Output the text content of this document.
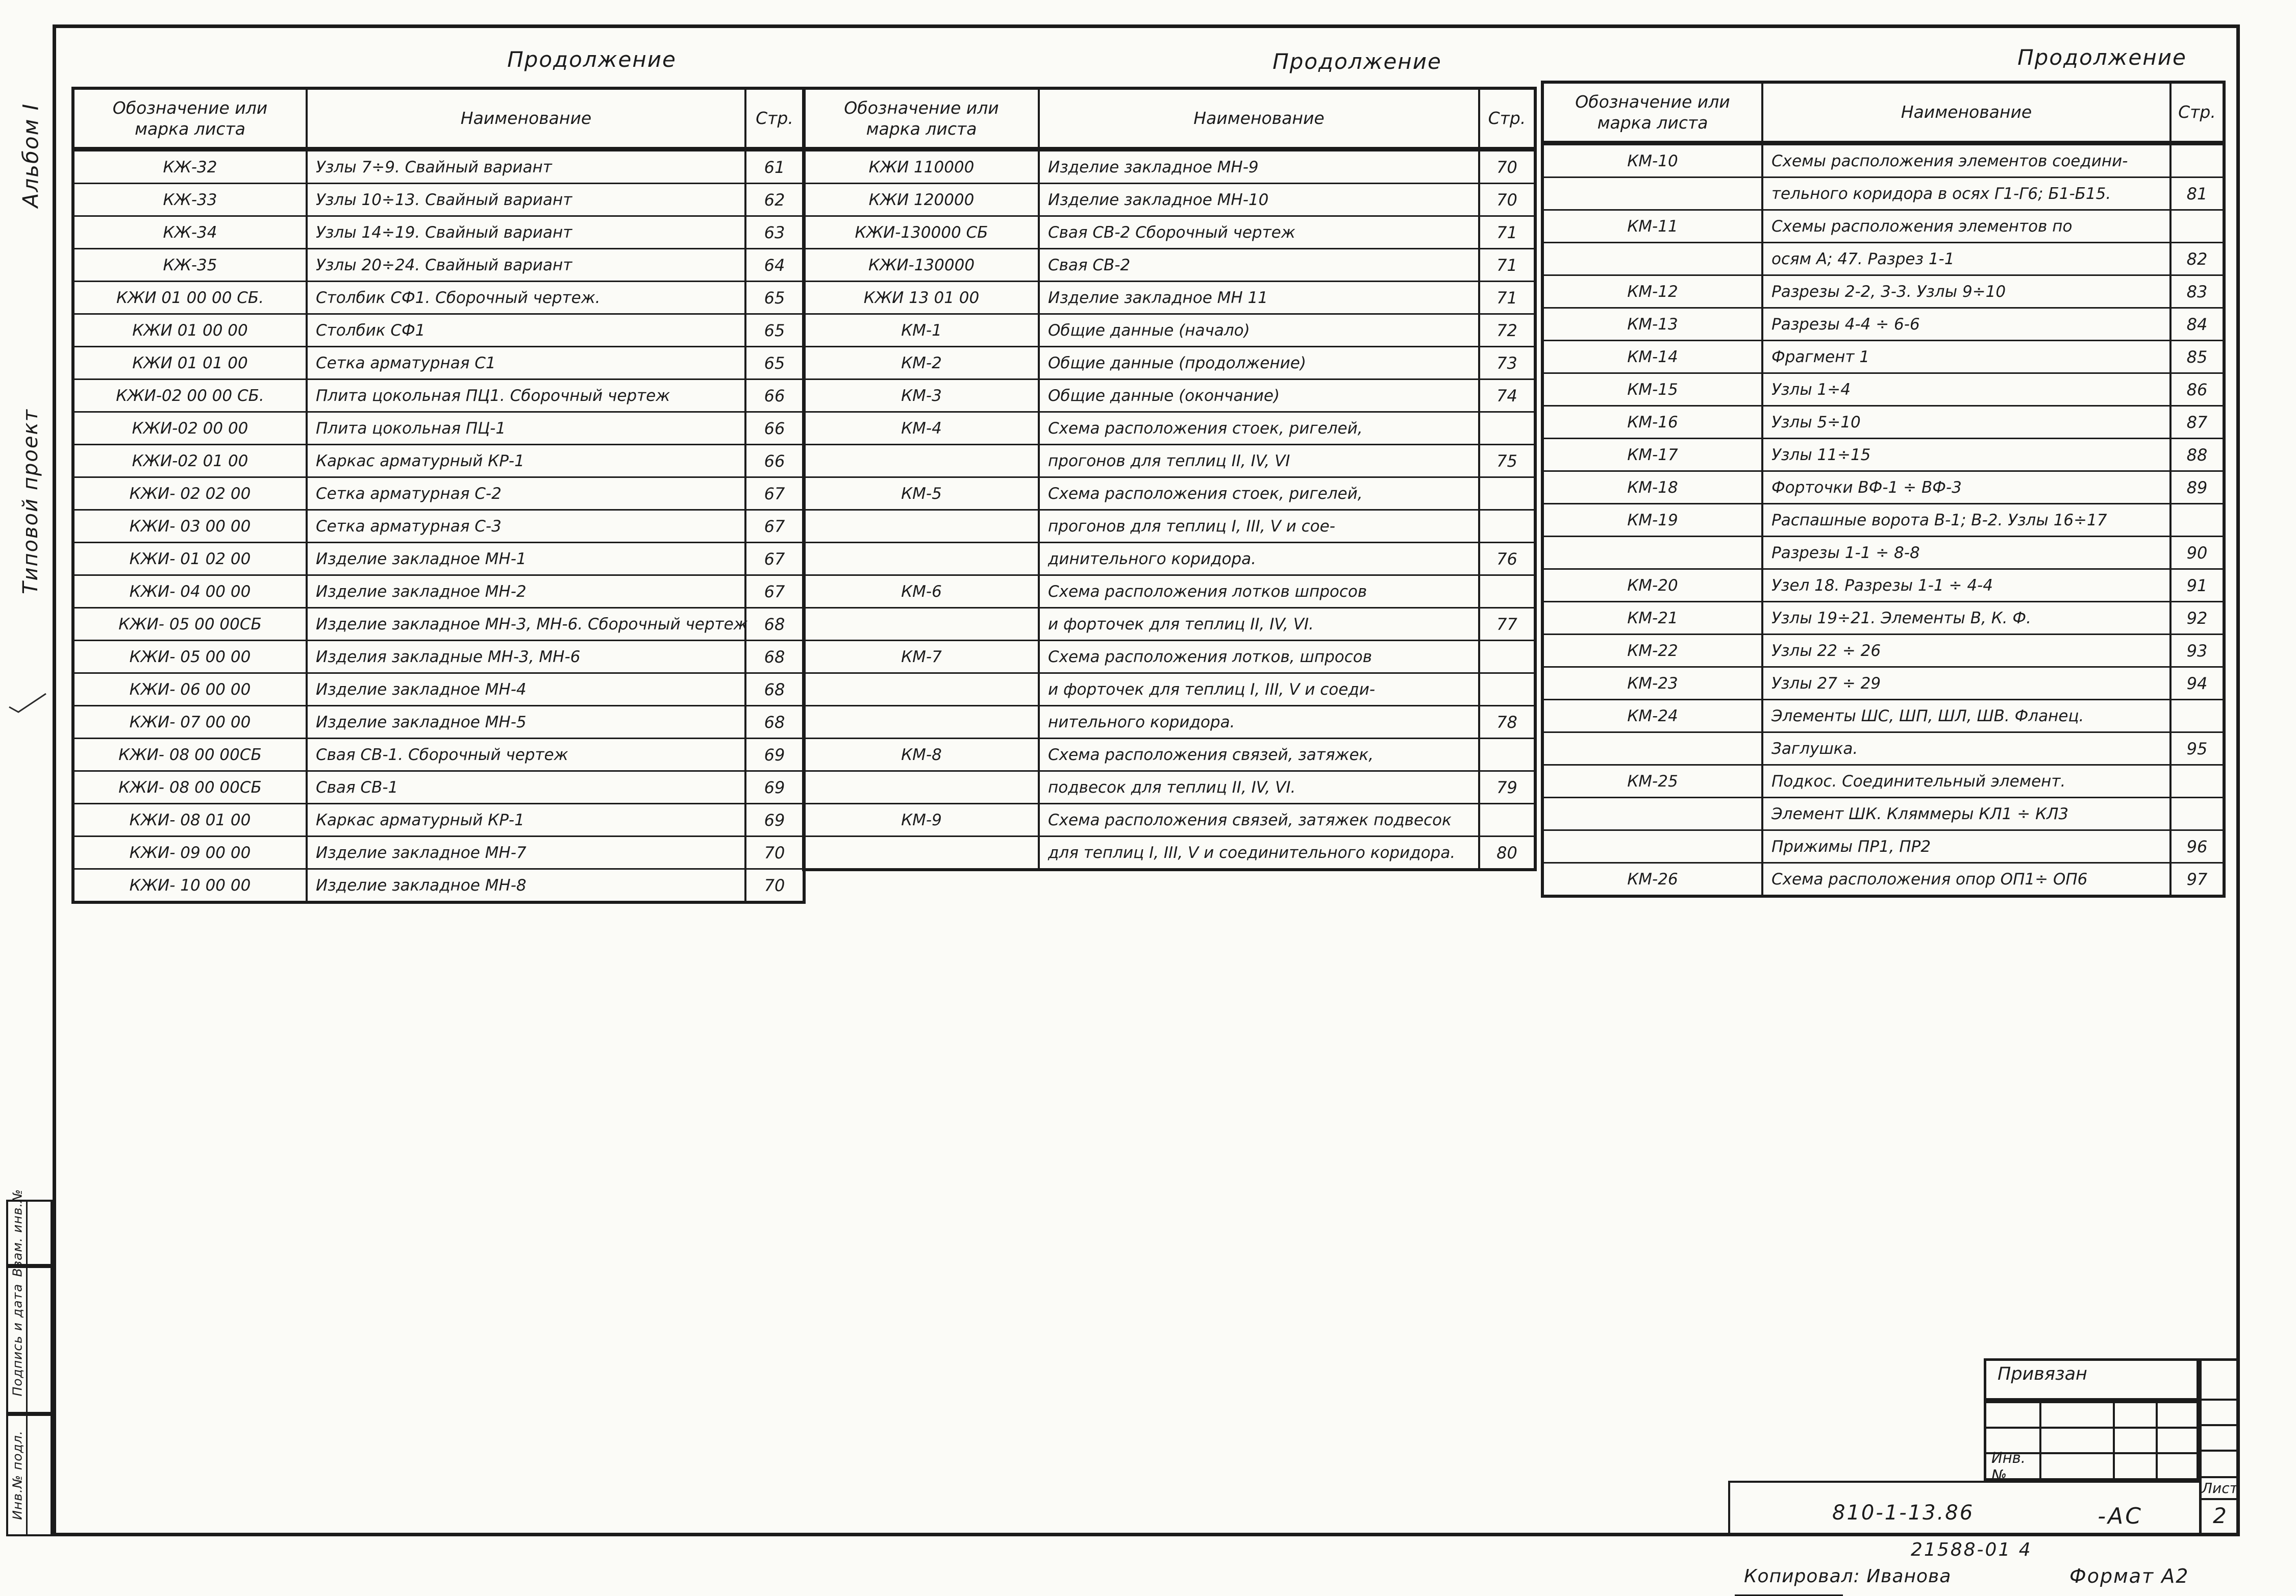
Альбом I
Типовой проект
Взам. инв.№
Подпись и дата
Инв.№ подл.
Продолжение	Продолжение	Продолжение
Обозначение или марка листа
Наименование	Стр.
КЖ-32	Узлы 7÷9. Свайный вариант	61
КЖ-33	Узлы 10÷13. Свайный вариант	62
КЖ-34	Узлы 14÷19. Свайный вариант	63
КЖ-35	Узлы 20÷24. Свайный вариант	64
КЖИ 01 00 00 СБ.	Столбик СФ1. Сборочный чертеж.	65
КЖИ 01 00 00	Столбик СФ1	65
КЖИ 01 01 00	Сетка арматурная С1	65
КЖИ-02 00 00 СБ.	Плита цокольная ПЦ1. Сборочный чертеж	66
КЖИ-02 00 00	Плита цокольная ПЦ-1	66
КЖИ-02 01 00	Каркас арматурный КР-1	66
КЖИ- 02 02 00	Сетка арматурная С-2	67
КЖИ- 03 00 00	Сетка арматурная С-3	67
КЖИ- 01 02 00	Изделие закладное МН-1	67
КЖИ- 04 00 00	Изделие закладное МН-2	67
КЖИ- 05 00 00СБ	Изделие закладное МН-3, МН-6. Сборочный чертеж	68
КЖИ- 05 00 00	Изделия закладные МН-3, МН-6	68
КЖИ- 06 00 00	Изделие закладное МН-4	68
КЖИ- 07 00 00	Изделие закладное МН-5	68
КЖИ- 08 00 00СБ	Свая СВ-1. Сборочный чертеж	69
КЖИ- 08 00 00СБ	Свая СВ-1	69
КЖИ- 08 01 00	Каркас арматурный КР-1	69
КЖИ- 09 00 00	Изделие закладное МН-7	70
КЖИ- 10 00 00	Изделие закладное МН-8	70
Обозначение или марка листа
Наименование	Стр.
КЖИ 110000	Изделие закладное МН-9	70
КЖИ 120000	Изделие закладное МН-10	70
КЖИ-130000 СБ	Свая СВ-2 Сборочный чертеж	71
КЖИ-130000	Свая СВ-2	71
КЖИ 13 01 00	Изделие закладное МН 11	71
КМ-1	Общие данные (начало)	72
КМ-2	Общие данные (продолжение)	73
КМ-3	Общие данные (окончание)	74
КМ-4	Схема расположения стоек, ригелей,
прогонов для теплиц II, IV, VI	75
КМ-5	Схема расположения стоек, ригелей,
прогонов для теплиц I, III, V и сое-
динительного коридора.	76
КМ-6	Схема расположения лотков шпросов
и форточек для теплиц II, IV, VI.	77
КМ-7	Схема расположения лотков, шпросов
и форточек для теплиц I, III, V и соеди-
нительного коридора.	78
КМ-8	Схема расположения связей, затяжек,
подвесок для теплиц II, IV, VI.	79
КМ-9	Схема расположения связей, затяжек подвесок
для теплиц I, III, V и соединительного коридора.	80
Обозначение или марка листа
Наименование	Стр.
КМ-10	Схемы расположения элементов соедини-
тельного коридора в осях Г1-Г6; Б1-Б15.	81
КМ-11	Схемы расположения элементов по
осям А; 47. Разрез 1-1	82
КМ-12	Разрезы 2-2, 3-3. Узлы 9÷10	83
КМ-13	Разрезы 4-4 ÷ 6-6	84
КМ-14	Фрагмент 1	85
КМ-15	Узлы 1÷4	86
КМ-16	Узлы 5÷10	87
КМ-17	Узлы 11÷15	88
КМ-18	Форточки ВФ-1 ÷ ВФ-3	89
КМ-19	Распашные ворота В-1; В-2. Узлы 16÷17
Разрезы 1-1 ÷ 8-8	90
КМ-20	Узел 18. Разрезы 1-1 ÷ 4-4	91
КМ-21	Узлы 19÷21. Элементы В, К. Ф.	92
КМ-22	Узлы 22 ÷ 26	93
КМ-23	Узлы 27 ÷ 29	94
КМ-24	Элементы ШС, ШП, ШЛ, ШВ. Фланец.
Заглушка.	95
КМ-25	Подкос. Соединительный элемент.
Элемент ШК. Кляммеры КЛ1 ÷ КЛ3
Прижимы ПР1, ПР2	96
КМ-26	Схема расположения опор ОП1÷ ОП6	97
Привязан
Инв. №
Лист
2
810-1-13.86	-АС
21588-01 4
Копировал: Иванова	Формат А2
